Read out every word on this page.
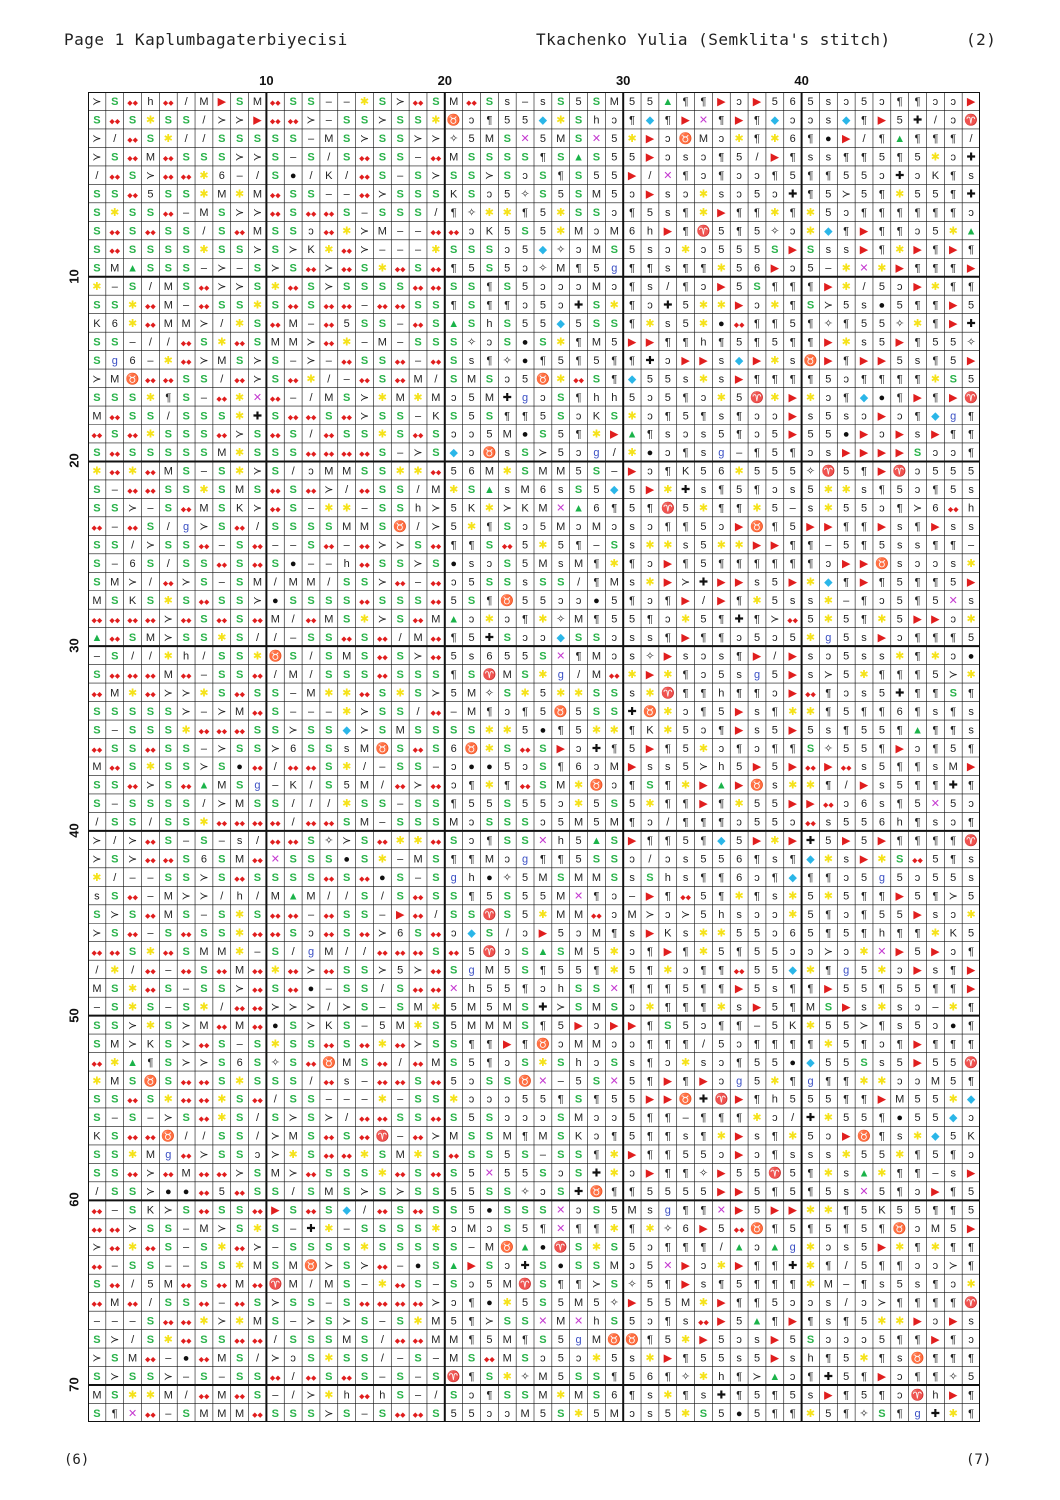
Page 1 Kaplumbagaterbiyecisi	Tkachenko Yulia (Semklita's stitch)	(2)
10	20	30	40
10
20
30
40
50
60
70
≻ S ◆◆ h ◆◆ / M ▶ S M ◆◆ S S – – ✱ S ≻ ◆◆ S M ◆◆ S s – s S 5 S M 5 5 ▲ ¶ ¶ ▶ ↄ ▶ 5 6 5 s ↄ 5 ↄ ¶ ¶ ↄ ↄ ▶
S ◆◆ S ✱ S S / ≻ ≻ ▶ ◆◆ ◆◆ ≻ – S S ≻ S S ✱ ♉ ↄ ¶ 5 5 ◆ ✱ S h ↄ ¶ ◆ ¶ ▶ ✕ ¶ ▶ ¶ ◆ ↄ ↄ s ◆ ¶ ▶ 5 ✚ / ↄ ♈
≻ / ◆◆ S ✱ / / S S S S S – M S ≻ S S ≻ ≻ ✧ 5 M S ✕ 5 M S ✕ 5 ✱ ▶ ↄ ♉ M ↄ ✱ ¶ ✱ 6 ¶ ● ▶ / ¶ ▲ ¶ ¶ ¶ /
≻ S ◆◆ M ◆◆ S S S ≻ ≻ S – S / S ◆◆ S S – ◆◆ M S S S S ¶ S ▲ S 5 5 ▶ ↄ s ↄ ¶ 5 / ▶ ¶ s s ¶ ¶ 5 ¶ 5 ✱ ↄ ✚
/ ◆◆ S ≻ ◆◆ ◆◆ ✱ 6 – / S ● / K / ◆◆ S – S ≻ S S ≻ S ↄ S ¶ S 5 5 ▶ / ✕ ¶ ↄ ¶ ↄ ↄ ¶ 5 ¶ ¶ 5 5 ↄ ✚ ↄ K ¶ s
S S ◆◆ 5 S S ✱ M ✱ M ◆◆ S S – – ◆◆ ≻ S S S K S ↄ 5 ✧ S 5 S M 5 ↄ ▶ s ↄ ✱ s ↄ 5 ↄ ✚ ¶ 5 ≻ 5 ¶ ✱ 5 5 ¶ ✚
S ✱ S S ◆◆ – M S ≻ ≻ ◆◆ S ◆◆ ◆◆ S – S S S / ¶ ✧ ✱ ✱ ¶ 5 ✱ S S ↄ ¶ 5 s ¶ ✱ ▶ ¶ ¶ ✱ ¶ ✱ 5 ↄ ¶ ¶ ¶ ¶ ¶ ¶ ↄ
S ◆◆ S ◆◆ S S / S ◆◆ M S S ↄ ◆◆ ✱ ≻ M – – ◆◆ ◆◆ ↄ K 5 S 5 ✱ M ↄ M 6 h ▶ ¶ ♈ 5 ¶ 5 ✧ ↄ ✱ ◆ ¶ ▶ ¶ ¶ ↄ 5 ✱ ▲
S ◆◆ S S S S ✱ S S ≻ S ≻ K ✱ ◆◆ ≻ – – – ✱ S S S ↄ 5 ◆ ✧ ↄ M S 5 s ↄ ✱ ↄ 5 5 5 S ▶ S s s ▶ ¶ ✱ ▶ ¶ ▶ ¶
S M ▲ S S S – ≻ – S ≻ S ◆◆ ≻ ◆◆ S ✱ ◆◆ S ◆◆ ¶ 5 S 5 ↄ ✧ M ¶ 5 g ¶ ¶ s ¶ ¶ ✱ 5 6 ▶ ↄ 5 – ✱ ✕ ✱ ▶ ¶ ¶ ¶ ▶
✱ – S / M S ◆◆ ≻ ≻ S ✱ ◆◆ S ≻ S S S S ◆◆ ◆◆ S S ¶ S 5 ↄ ↄ ↄ M ↄ ¶ s / ¶ ↄ ▶ 5 S ¶ ¶ ¶ ▶ ✱ / 5 ↄ ▶ ✱ ¶ ¶
S S ✱ ◆◆ M – ◆◆ S S ✱ S ◆◆ S ◆◆ ◆◆ – ◆◆ ◆◆ S S ¶ S ¶ ¶ ↄ 5 ↄ ✚ S ✱ ¶ ↄ ✚ 5 ✱ ✱ ▶ ↄ ✱ ¶ S ≻ 5 s ● 5 ¶ ¶ ▶ 5
K 6 ✱ ◆◆ M M ≻ / ✱ S ◆◆ M – ◆◆ 5 S S – ◆◆ S ▲ S h S 5 5 ◆ 5 S S ¶ ✱ s 5 ✱ ● ◆◆ ¶ ¶ 5 ¶ ✧ ¶ 5 5 ✧ ✱ ¶ ▶ ✚
S S – / / ◆◆ S ✱ ◆◆ S M M ≻ ◆◆ ✱ – M – S S S ✧ ↄ S ● S ✱ ¶ M 5 ▶ ▶ ¶ ¶ h ¶ 5 ¶ 5 ¶ ¶ ▶ ✱ s 5 ▶ ¶ 5 5 ✧
S g 6 – ✱ ◆◆ ≻ M S ≻ S – ≻ – ◆◆ S S ◆◆ – ◆◆ S s ¶ ✧ ● ¶ 5 ¶ 5 ¶ ¶ ✚ ↄ ▶ ▶ s ◆ ▶ ✱ s ♉ ▶ ¶ ▶ ▶ 5 s ¶ 5 ▶
≻ M ♉ ◆◆ ◆◆ S S / ◆◆ ≻ S ◆◆ ✱ / – ◆◆ S ◆◆ M / S M S ↄ 5 ♉ ✱ ◆◆ S ¶ ◆ 5 5 s ✱ s ▶ ¶ ¶ ¶ ¶ 5 ↄ ¶ ¶ ¶ ¶ ✱ S 5
S S S ✱ ¶ S – ◆◆ ✱ ✕ ◆◆ – / M S ≻ ✱ M ✱ M ↄ 5 M ✚ g ↄ S ¶ h h 5 ↄ 5 ¶ ↄ ✱ 5 ♈ ✱ ▶ ✱ ↄ ¶ ◆ ● ¶ ▶ ¶ ▶ ♈
M ◆◆ S S / S S S ✱ ✚ S ◆◆ ◆◆ S ◆◆ ≻ S S – K S 5 S ¶ ¶ 5 S ↄ K S ✱ ↄ ¶ 5 ¶ s ¶ ↄ ↄ ▶ s 5 s ↄ ▶ ↄ ¶ ◆ g ¶
◆◆ S ◆◆ ✱ S S S ◆◆ ≻ S ◆◆ S / ◆◆ S S ✱ S ◆◆ S ↄ ↄ 5 M ● S 5 ¶ ✱ ▶ ▲ ¶ s ↄ s 5 ¶ ↄ 5 ▶ 5 5 ● ▶ ↄ ▶ s ▶ ¶ ¶
S ◆◆ S S S S S M ✱ S S S ◆◆ ◆◆ ◆◆ ◆◆ S – ≻ S ◆ ↄ ♉ s S ≻ 5 ↄ g / ✱ ● ↄ ¶ s g – ¶ 5 ¶ ↄ s ▶ ▶ ▶ ▶ S ↄ ↄ ¶
✱ ◆◆ ✱ ◆◆ M S – S ✱ ≻ S / ↄ M M S S ✱ ✱ ◆◆ 5 6 M ✱ S M M 5 S – ▶ ↄ ¶ K 5 6 ✱ 5 5 5 ✧ ♈ 5 ¶ ▶ ♈ ↄ 5 5 5
S – ◆◆ ◆◆ S S ✱ S M S ◆◆ S ◆◆ ≻ / ◆◆ S S / M ✱ S ▲ s M 6 s S 5 ◆ 5 ▶ ✱ ✚ s ¶ 5 ¶ ↄ s 5 ✱ ✱ s ¶ 5 ↄ ¶ 5 s
S S ≻ – S ◆◆ M S K ≻ ◆◆ S – ✱ ✱ – S S h ≻ 5 K ✱ ≻ K M ✕ ▲ 6 ¶ 5 ¶ ♈ 5 ✱ ¶ ¶ ✱ 5 – s ✱ 5 5 ↄ ¶ ≻ 6 ◆◆ h
◆◆ – ◆◆ S / g ≻ S ◆◆ / S S S S M M S ♉ / ≻ 5 ✱ ¶ S ↄ 5 M ↄ M ↄ s ↄ ¶ ¶ 5 ↄ ▶ ♉ ¶ 5 ▶ ▶ ¶ ¶ ▶ s ¶ ▶ s s
S S / ≻ S S ◆◆ – S ◆◆ – – S ◆◆ – ◆◆ ≻ ≻ S ◆◆ ¶ ¶ S ◆◆ 5 ✱ 5 ¶ – S s ✱ ✱ s 5 ✱ ✱ ▶ ▶ ¶ ¶ – 5 ¶ 5 s s ¶ ¶ –
S – 6 S / S S ◆◆ S ◆◆ S ● – – h ◆◆ S S ≻ S ● s ↄ S 5 M s M ¶ ✱ ¶ ↄ ▶ ¶ 5 ¶ ¶ ¶ ¶ ¶ ¶ ↄ ▶ ▶ ♉ s ↄ ↄ s ✱
S M ≻ / ◆◆ ≻ S – S M / M M / S S ≻ ◆◆ – ◆◆ ↄ 5 S S s S S / ¶ M s ✱ ▶ ≻ ✚ ▶ ▶ s 5 ▶ ✱ ◆ ¶ ▶ ¶ 5 ¶ ¶ 5 ▶
M S K S ✱ S ◆◆ S S ≻ ● S S S S ◆◆ S S S ◆◆ 5 S ¶ ♉ 5 5 ↄ ↄ ● 5 ¶ ↄ ¶ ▶ / ▶ ¶ ✱ 5 s s ✱ – ¶ ↄ 5 ¶ 5 ✕ s
◆◆ ◆◆ ◆◆ ◆◆ ≻ ◆◆ S ◆◆ S ◆◆ M / ◆◆ M S ✱ ≻ S ◆◆ M ▲ ↄ ✱ ↄ ¶ ✱ ✧ M ¶ 5 5 ¶ ↄ ✱ 5 ¶ ✚ ¶ ≻ ◆◆ 5 ✱ 5 ¶ ✱ 5 ▶ ▶ ↄ ✱
▲ ◆◆ S M ≻ S S ✱ S / / – S S ◆◆ S ◆◆ / M ◆◆ ¶ 5 ✚ S ↄ ↄ ◆ S S ↄ s s ¶ ▶ ¶ ¶ ↄ 5 ↄ 5 ✱ g 5 s ▶ ↄ ¶ ¶ ¶ 5
– S / / ✱ h / S S ✱ ♉ S / S M S ◆◆ S ≻ ◆◆ 5 s 6 5 5 S ✕ ¶ M ↄ s ✧ ▶ s ↄ s ¶ ▶ / ▶ s ↄ 5 s s ✱ ¶ ✱ ↄ ●
S ◆◆ ◆◆ ◆◆ M ◆◆ – S S ◆◆ / M / S S S ◆◆ S S S ¶ S ♈ M S ✱ g / M ◆◆ ✱ ▶ ✱ ¶ ↄ 5 s g 5 ▶ s ≻ 5 ✱ ¶ ¶ ¶ 5 ≻ ✱
◆◆ M ✱ ◆◆ ≻ ≻ ✱ S ◆◆ S S – M ✱ ✱ ◆◆ S ✱ S ≻ 5 M ✧ S ✱ 5 ✱ ✱ S S s ✱ ♈ ¶ ¶ h ¶ ¶ ↄ ▶ ◆◆ ¶ ↄ s 5 ✚ ¶ ¶ S ¶
S S S S S ≻ – ≻ M ◆◆ S – – – ✱ ≻ S S / ◆◆ – M ¶ ↄ ¶ 5 ♉ 5 S S ✚ ♉ ✱ ↄ ¶ 5 ▶ s ¶ ✱ ✱ ¶ 5 ¶ ¶ 6 ¶ s ¶ s
S – S S S ✱ ◆◆ ◆◆ ◆◆ S S ≻ S S ◆ ≻ S M S S S S ✱ ✱ 5 ● ¶ 5 ✱ ✱ ¶ K ✱ 5 ↄ ¶ ▶ s 5 ▶ 5 s ¶ 5 5 ¶ ▲ ¶ ¶ s
◆◆ S S ◆◆ S S – ≻ S S ≻ 6 S S s M ♉ S ◆◆ S 6 ♉ ✱ S ◆◆ S ▶ ↄ ✚ ¶ 5 ▶ ¶ 5 ✱ ↄ ¶ ↄ ¶ ¶ S ✧ 5 5 ¶ ▶ ↄ ¶ 5 ¶
M ◆◆ S ✱ S S ≻ S ● ◆◆ / ◆◆ ◆◆ S ✱ / – S S – ↄ ● ● 5 ↄ S ¶ 6 ↄ M ▶ s s 5 ≻ h 5 ▶ 5 ▶ ◆◆ ▶ ◆◆ s 5 ¶ ¶ s M ▶
S S ◆◆ ≻ S ◆◆ ▲ M S g – K / S 5 M / ◆◆ ≻ ◆◆ ↄ ¶ ✱ ¶ ◆◆ S M ✱ ♉ ↄ ¶ S ¶ ✱ ▶ ▲ ▶ ♉ s ✱ ✱ ¶ / ▶ s 5 ¶ ¶ ✚ ¶
S – S S S S / ≻ M S S / / / ✱ S S – S S ¶ 5 5 S 5 5 ↄ ✱ 5 S 5 ✱ ¶ ¶ ▶ ¶ ✱ 5 5 ▶ ▶ ◆◆ ↄ 6 s ¶ 5 ✕ 5 ↄ
/ S S / S S ✱ ◆◆ ◆◆ ◆◆ ◆◆ / ◆◆ ◆◆ S M – S S S M ↄ S S S ↄ 5 M 5 M ¶ ↄ / ¶ ¶ ¶ ↄ 5 5 ↄ ◆◆ s 5 5 6 h ¶ s ↄ ¶
≻ / ≻ ◆◆ S – S – s / ◆◆ ◆◆ S ✧ ≻ S ◆◆ ✱ ✱ ◆◆ S ↄ ¶ S S ✕ h 5 ▲ S ▶ ¶ ¶ 5 ¶ ◆ 5 ▶ ✱ ▶ ✚ 5 ▶ 5 ▶ ¶ ¶ ¶ ¶ ♈
≻ S ≻ ◆◆ ◆◆ S 6 S M ◆◆ ✕ S S S ● S ✱ – M S ¶ ¶ M ↄ g ¶ ¶ 5 S S ↄ / ↄ s 5 5 6 ¶ s ¶ ◆ ✱ s ▶ ✱ S ◆◆ 5 ¶ s
✱ / – – S S ≻ S ◆◆ S S S S ◆◆ S ◆◆ ● S – S g h ● ✧ 5 M S M M S s S h s ¶ ¶ 6 ↄ ¶ ◆ ¶ ¶ ↄ 5 g 5 ↄ 5 5 s
s S ◆◆ – M ≻ ≻ / h / M ▲ M / / S / S ◆◆ S S ¶ 5 S 5 5 M ✕ ¶ ↄ – ▶ ¶ ◆◆ 5 ¶ ✱ ¶ s ✱ 5 ✱ 5 ¶ ¶ ▶ 5 ¶ ≻ 5
S ≻ S ◆◆ M S – S ✱ S ◆◆ ◆◆ – ◆◆ S S – ▶ ◆◆ / S S ♈ S 5 ✱ M M ◆◆ ↄ M ≻ ↄ ≻ 5 h s ↄ ↄ ✱ 5 ¶ ↄ ¶ 5 5 ▶ s ↄ ✱
≻ S ◆◆ – S ◆◆ S S ✱ ◆◆ ◆◆ S ↄ ◆◆ S ◆◆ ≻ 6 S ◆◆ ↄ ◆ S / ↄ ▶ 5 ↄ M ¶ s ▶ K s ✱ ✱ 5 5 ↄ 6 5 ¶ 5 ¶ h ¶ ¶ ✱ K 5
◆◆ ◆◆ S ✱ ◆◆ S M M ✱ – S / g M / / ◆◆ ◆◆ ◆◆ S ◆◆ 5 ♈ ↄ S ▲ S M 5 ✱ ↄ ¶ ▶ ¶ ✱ 5 ¶ 5 5 ↄ ↄ ≻ ↄ ✱ ✕ ▶ 5 ▶ ↄ ¶
/ ✱ / ◆◆ – ◆◆ S ◆◆ M ◆◆ ✱ ◆◆ ≻ ◆◆ S S ≻ 5 ≻ ◆◆ S g M 5 S ¶ 5 5 ¶ ✱ 5 ¶ ✱ ↄ ¶ ¶ ◆◆ 5 5 ◆ ✱ ¶ g 5 ✱ ↄ ▶ s ¶ ▶
M S ✱ ◆◆ S – S S ≻ ◆◆ S ◆◆ ● – S S / S ◆◆ ◆◆ ✕ h 5 5 ¶ ↄ h S S ✕ ¶ ¶ ¶ 5 ¶ ¶ ▶ 5 s ¶ ¶ ▶ 5 5 ¶ 5 5 ¶ ¶ ▶
– S ✱ S – S ✱ / ◆◆ ◆◆ ≻ ≻ ≻ / ≻ S – S M ✱ 5 M 5 M S ✚ ≻ S M S ↄ ✱ ¶ ¶ ¶ ✱ s ▶ 5 ¶ M S ▶ s ✱ s ↄ – ✱ ¶
S S ≻ ✱ S ≻ M ◆◆ M ◆◆ ● S ≻ K S – 5 M ✱ S 5 M M M S ¶ 5 ▶ ↄ ▶ ▶ ¶ S 5 ↄ ¶ ¶ – 5 K ✱ 5 5 ≻ ¶ s 5 ↄ ● ¶
S M ≻ K S ≻ ◆◆ S – S ✱ S S ◆◆ S ◆◆ ✱ ◆◆ ≻ S S ¶ ¶ ▶ ¶ ♉ ↄ M M ↄ ↄ ¶ ¶ ¶ / 5 ↄ ¶ ¶ ¶ ¶ ✱ 5 ¶ ↄ ¶ ▶ ¶ ¶ ¶
◆◆ ✱ ▲ ¶ S ≻ ≻ S 6 S ✧ S ◆◆ ♉ M S ◆◆ / ◆◆ M S 5 ¶ ↄ S ✱ S h ↄ S s ¶ ↄ ✱ s ↄ ¶ 5 5 ● ◆ 5 5 S s 5 ▶ 5 5 ♈
✱ M S ♉ S ◆◆ ◆◆ S ✱ S S S / ◆◆ s – ◆◆ ◆◆ S ◆◆ 5 ↄ S S ♉ ✕ – 5 S ✕ 5 ¶ ▶ ¶ ▶ ↄ g 5 ✱ ¶ g ¶ ¶ ✱ ✱ ↄ ↄ M 5 ¶
S S ◆◆ S ✱ ◆◆ ◆◆ ✱ S ◆◆ / S S – – – ✱ – S S ✱ ↄ ↄ ↄ 5 5 ¶ S ¶ 5 5 ▶ ▶ ♉ ✚ ♈ ▶ ¶ h 5 5 5 ¶ ¶ ▶ M 5 5 ✱ ◆
S – S – ≻ S ◆◆ ✱ S / S ≻ S ≻ / ◆◆ ◆◆ S S ◆◆ S 5 S ↄ ↄ ↄ S M ↄ ↄ 5 ¶ ¶ – ¶ ¶ ¶ ✱ ↄ / ✚ ✱ 5 5 ¶ ● 5 5 ◆ ↄ
K S ◆◆ ◆◆ ♉ / / S S / ≻ M S ◆◆ S ◆◆ ♈ – ◆◆ ≻ M S S M ¶ M S K ↄ ¶ 5 ¶ ¶ s ¶ ✱ ▶ s ¶ ✱ 5 ↄ ▶ ♉ ¶ s ✱ ◆ 5 K
S S ✱ M g ◆◆ ≻ S S ↄ ≻ ✱ S ◆◆ ◆◆ ✱ S M ✱ S ◆◆ S S 5 S – S S ¶ ✱ ▶ ¶ ¶ 5 5 ↄ ▶ ↄ ¶ s s s ✱ 5 5 ✱ ¶ 5 ¶ ↄ
S S ◆◆ ≻ ◆◆ M ◆◆ ◆◆ ≻ S M ≻ ◆◆ S S S ✱ ◆◆ S ◆◆ S 5 ✕ 5 5 S ↄ S ✚ ✱ ↄ ▶ ¶ ¶ ✧ ▶ 5 5 ♈ 5 ¶ ✱ s ▲ ✱ ¶ ¶ – s ▶
/ S S ≻ ● ● ◆◆ 5 ◆◆ S S / S M S ≻ S ≻ S S 5 5 S S ✧ ↄ S ✚ ♉ ¶ ¶ 5 5 5 5 ▶ ▶ 5 ¶ 5 ¶ 5 s ✕ 5 ¶ ↄ ▶ ¶ 5
◆◆ – S K ≻ S ◆◆ S S ◆◆ ▶ S ◆◆ S ◆ / ◆◆ S ◆◆ S S 5 ● S S S ✕ ↄ S 5 M s g ¶ ¶ ✕ ▶ 5 ▶ ▶ ✱ ✱ ¶ 5 K 5 5 ¶ ¶ 5
◆◆ ◆◆ ≻ S S – M ≻ S ✱ S – ✚ ✱ – S S S S ✱ ↄ M ↄ S 5 ¶ ✕ ¶ ¶ ✱ ¶ ✱ ✧ 6 ▶ 5 ◆◆ ♉ ¶ 5 ¶ 5 ¶ 5 ¶ ♉ ↄ M 5 ▶
≻ ◆◆ ✱ ◆◆ S – S ✱ ◆◆ ≻ – S S S S ✱ S S S S S – M ♉ ▲ ● ♈ S ✱ S 5 ↄ ¶ ¶ ¶ / ▲ ↄ ▲ g ✱ ↄ s 5 ▶ ✱ ¶ ✱ ¶ ¶
◆◆ – S S – – S S ✱ M S M ♉ ≻ S ≻ ◆◆ – ● S ▲ ▶ S ↄ ✚ S ● S S M ↄ 5 ✕ ▶ ↄ ✱ ▶ ¶ ¶ ✚ ✱ ¶ / 5 ¶ ¶ ↄ ↄ ≻ ¶
S ◆◆ / 5 M ◆◆ S ◆◆ M ◆◆ ♈ M / M S – ✱ ◆◆ S – S ↄ 5 M ♈ S ¶ ¶ ≻ S ✧ 5 ¶ ▶ s ¶ 5 ¶ ¶ ¶ ✱ M – ¶ s 5 s ¶ ↄ ✱
◆◆ M ◆◆ / S S ◆◆ – ◆◆ S ≻ S S – S ◆◆ ◆◆ ◆◆ ◆◆ ≻ ↄ ¶ ● ✱ 5 S 5 M 5 ✧ ▶ 5 5 M ✱ ▶ ¶ ¶ 5 ↄ ↄ s / ↄ ≻ ¶ ¶ ¶ ¶ ♈
– – – S ◆◆ ◆◆ ✱ ≻ ✱ M S – ≻ S ≻ S – S ✱ M 5 ¶ ≻ S S ✕ M ✕ h S 5 ↄ ¶ s ◆◆ ▶ 5 ▲ ¶ ▶ ¶ s ¶ 5 ✱ ✱ ▶ ↄ ▶ s
S ≻ / S ✱ ◆◆ S S ◆◆ ◆◆ / S S S M S / ◆◆ ◆◆ M M ¶ 5 M ¶ S 5 g M ♉ ♉ ¶ 5 ✱ ▶ 5 ↄ s ▶ 5 S ↄ ↄ ↄ 5 ¶ ¶ ▶ ¶ ↄ
≻ S M ◆◆ – ● ◆◆ M S / ≻ ↄ S ✱ S S / – S – M S ◆◆ M S ↄ 5 ↄ ✱ 5 s ✱ ▶ ¶ 5 5 s 5 ▶ s h ¶ 5 ✱ ¶ s ♉ ¶ ¶ ¶
S ≻ S S ≻ – S – S S ◆◆ / ◆◆ S ◆◆ S – S – S ♈ ¶ S ✱ ✧ M 5 S S ¶ 5 6 ¶ ✧ ✱ h ¶ ≻ ▲ ↄ ¶ ✚ 5 ¶ ▶ ↄ ¶ ¶ ✧ 5
M S ✱ ✱ M / ◆◆ M ◆◆ S – / ≻ ✱ h ◆◆ h S – / S ↄ ¶ S S M ✱ M S 6 ¶ s ✱ ¶ s ✚ ¶ 5 ¶ 5 s ▶ ¶ 5 ¶ ↄ ♈ h ▶ ¶
S ¶ ✕ ◆◆ – S M M M ◆◆ S S S ≻ S – S ◆◆ ◆◆ S 5 5 ↄ ↄ M 5 S ✱ 5 M ↄ s 5 ✱ S 5 ● 5 ¶ ¶ ✱ 5 ¶ ✧ S ¶ g ✚ ✱ ¶
(6)	(7)
